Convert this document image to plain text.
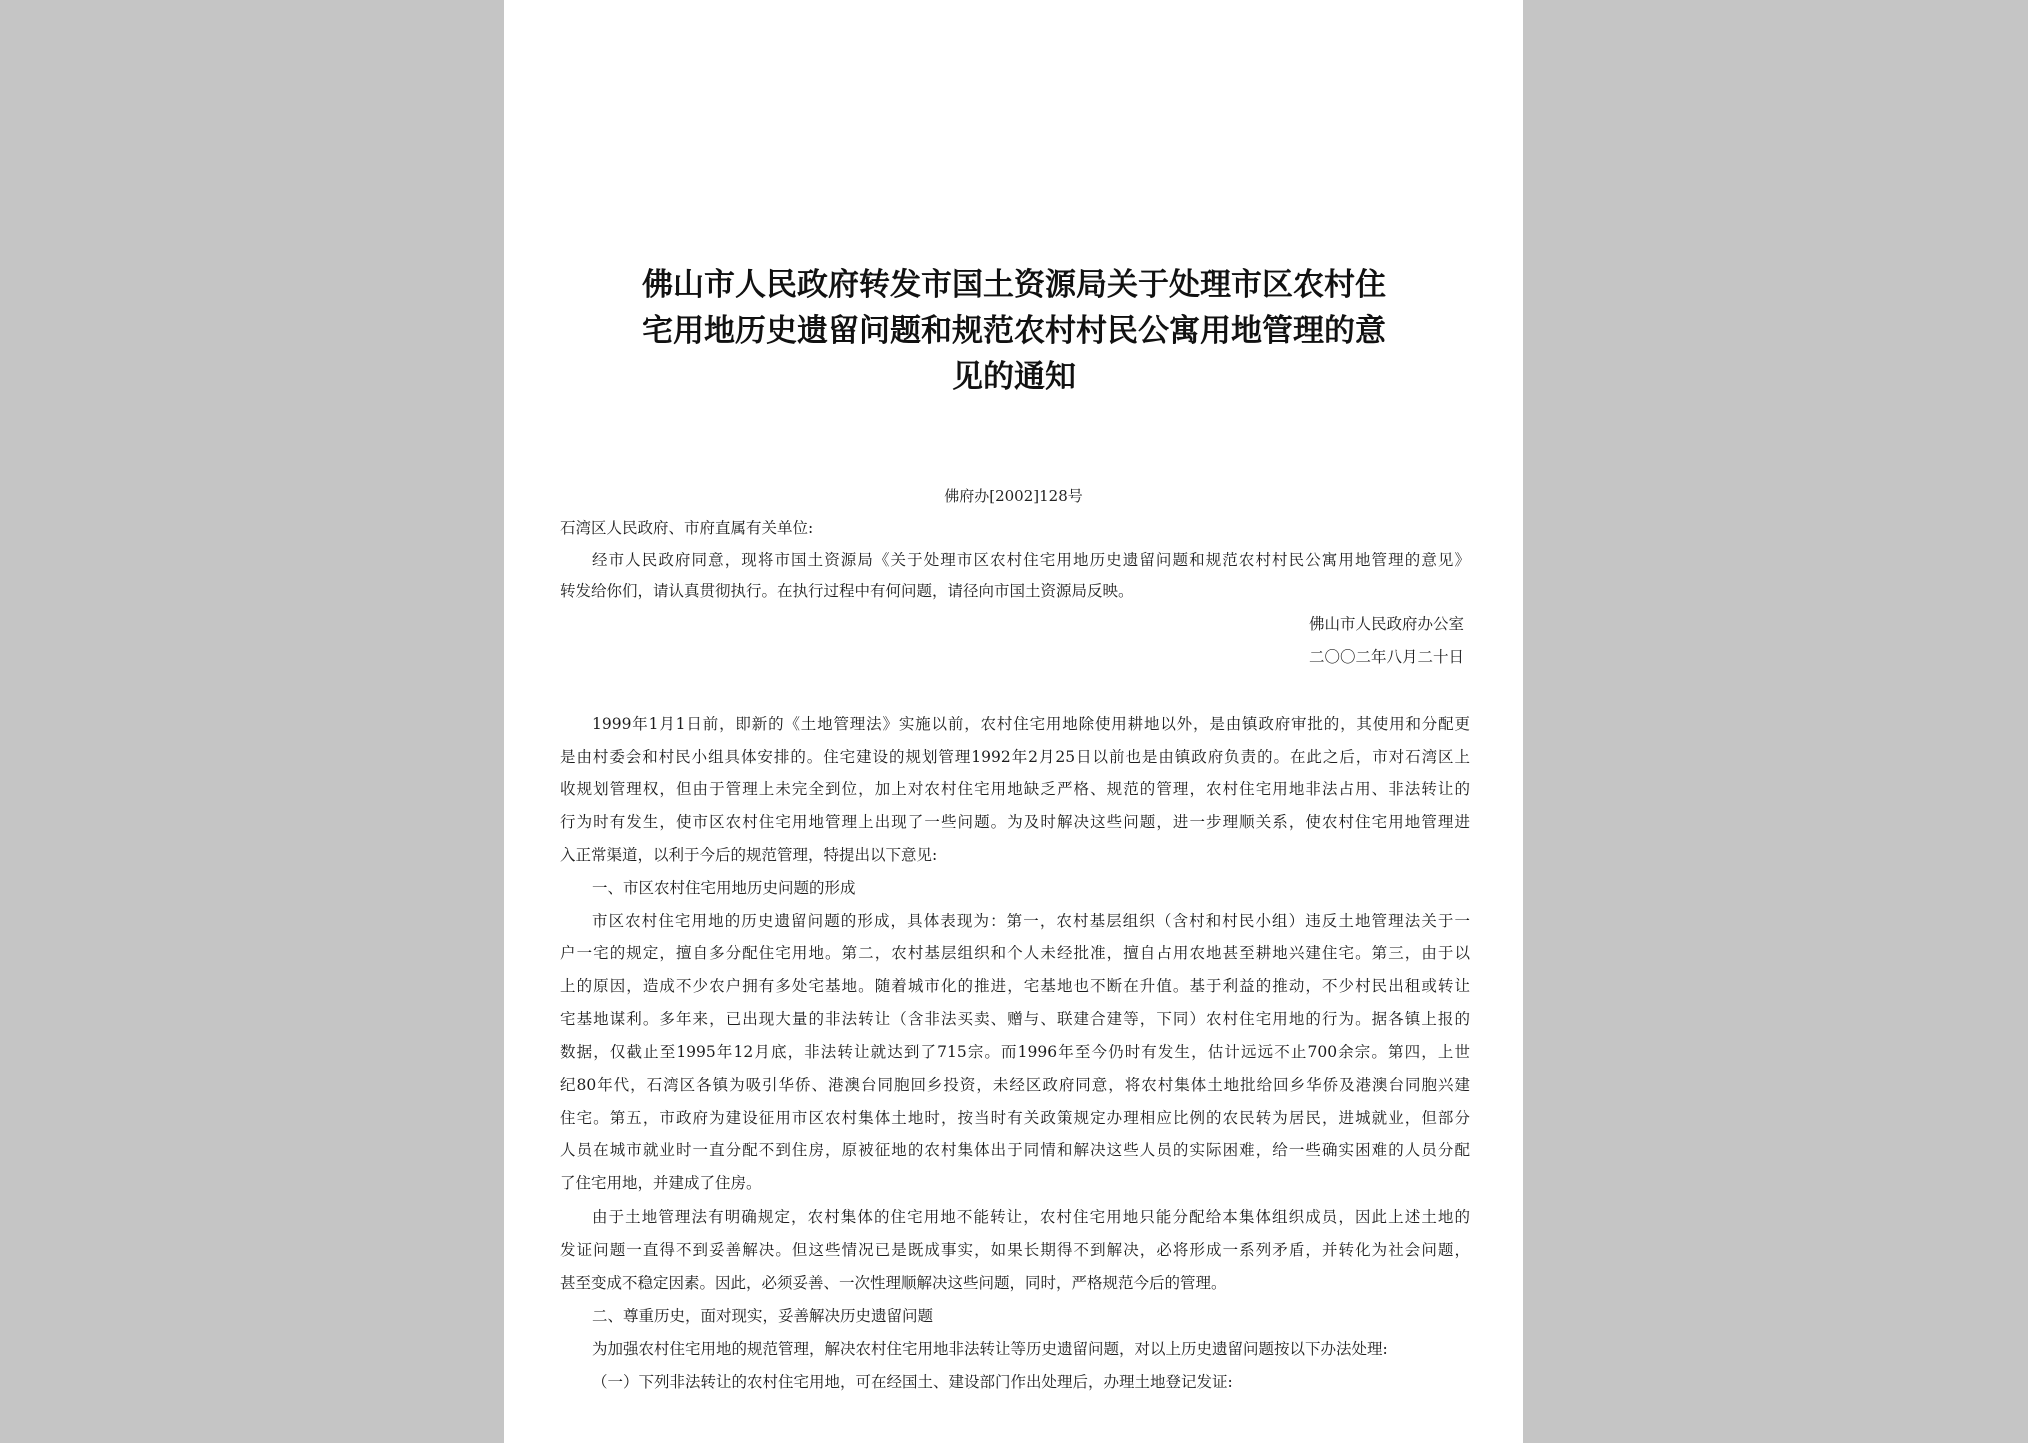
佛山市人民政府转发市国土资源局关于处理市区农村住
宅用地历史遗留问题和规范农村村民公寓用地管理的意
见的通知
佛府办[2002]128号
石湾区人民政府、市府直属有关单位:
经市人民政府同意，现将市国土资源局《关于处理市区农村住宅用地历史遗留问题和规范农村村民公寓用地管理的意见》
转发给你们，请认真贯彻执行。在执行过程中有何问题，请径向市国土资源局反映。
佛山市人民政府办公室
二〇〇二年八月二十日
1999年1月1日前，即新的《土地管理法》实施以前，农村住宅用地除使用耕地以外，是由镇政府审批的，其使用和分配更
是由村委会和村民小组具体安排的。住宅建设的规划管理1992年2月25日以前也是由镇政府负责的。在此之后，市对石湾区上
收规划管理权，但由于管理上未完全到位，加上对农村住宅用地缺乏严格、规范的管理，农村住宅用地非法占用、非法转让的
行为时有发生，使市区农村住宅用地管理上出现了一些问题。为及时解决这些问题，进一步理顺关系，使农村住宅用地管理进
入正常渠道，以利于今后的规范管理，特提出以下意见:
一、市区农村住宅用地历史问题的形成
市区农村住宅用地的历史遗留问题的形成，具体表现为：第一，农村基层组织（含村和村民小组）违反土地管理法关于一
户一宅的规定，擅自多分配住宅用地。第二，农村基层组织和个人未经批准，擅自占用农地甚至耕地兴建住宅。第三，由于以
上的原因，造成不少农户拥有多处宅基地。随着城市化的推进，宅基地也不断在升值。基于利益的推动，不少村民出租或转让
宅基地谋利。多年来，已出现大量的非法转让（含非法买卖、赠与、联建合建等，下同）农村住宅用地的行为。据各镇上报的
数据，仅截止至1995年12月底，非法转让就达到了715宗。而1996年至今仍时有发生，估计远远不止700余宗。第四，上世
纪80年代，石湾区各镇为吸引华侨、港澳台同胞回乡投资，未经区政府同意，将农村集体土地批给回乡华侨及港澳台同胞兴建
住宅。第五，市政府为建设征用市区农村集体土地时，按当时有关政策规定办理相应比例的农民转为居民，进城就业，但部分
人员在城市就业时一直分配不到住房，原被征地的农村集体出于同情和解决这些人员的实际困难，给一些确实困难的人员分配
了住宅用地，并建成了住房。
由于土地管理法有明确规定，农村集体的住宅用地不能转让，农村住宅用地只能分配给本集体组织成员，因此上述土地的
发证问题一直得不到妥善解决。但这些情况已是既成事实，如果长期得不到解决，必将形成一系列矛盾，并转化为社会问题，
甚至变成不稳定因素。因此，必须妥善、一次性理顺解决这些问题，同时，严格规范今后的管理。
二、尊重历史，面对现实，妥善解决历史遗留问题
为加强农村住宅用地的规范管理，解决农村住宅用地非法转让等历史遗留问题，对以上历史遗留问题按以下办法处理:
（一）下列非法转让的农村住宅用地，可在经国土、建设部门作出处理后，办理土地登记发证:
